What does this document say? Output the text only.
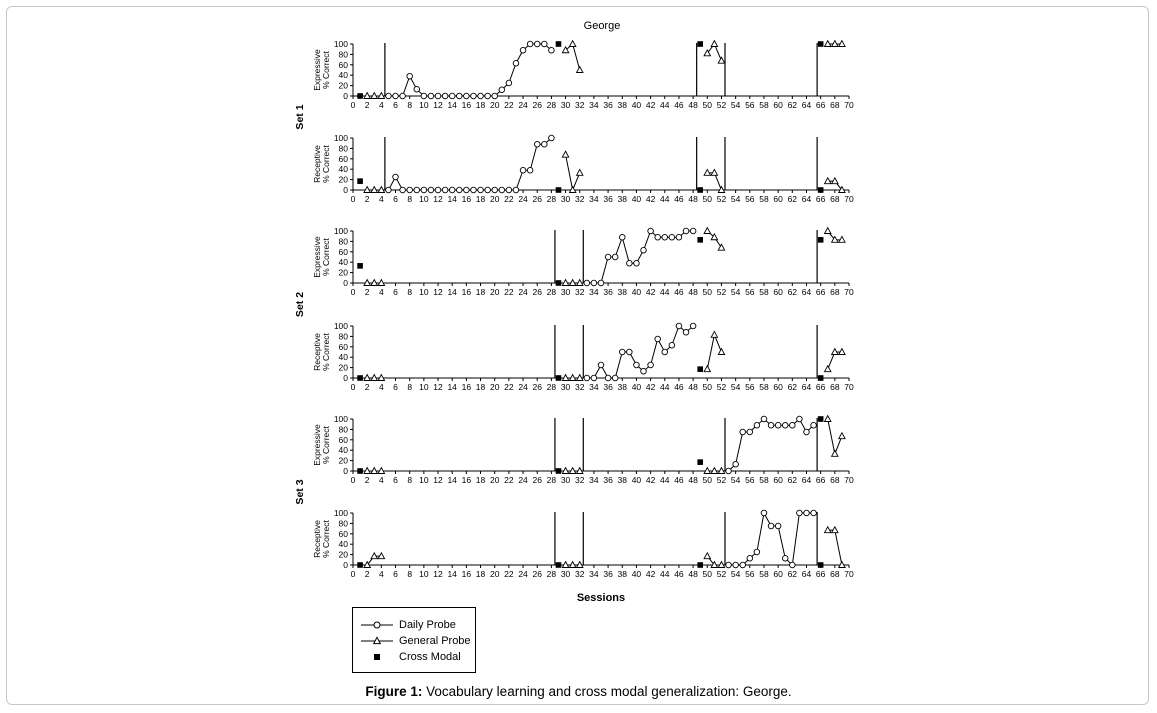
George
0
20
40
60
80
100
0 2 4 6 8 10 12 14 16 18 20 22 24 26 28 30 32 34 36 38 40 42 44 46 48 50 52 54 56 58 60 62 64 66 68 70
Expressive % Correct
0
20
40
60
80
100
0 2 4 6 8 10 12 14 16 18 20 22 24 26 28 30 32 34 36 38 40 42 44 46 48 50 52 54 56 58 60 62 64 66 68 70
Receptive % Correct
0
20
40
60
80
100
0 2 4 6 8 10 12 14 16 18 20 22 24 26 28 30 32 34 36 38 40 42 44 46 48 50 52 54 56 58 60 62 64 66 68 70
Expressive % Correct
0
20
40
60
80
100
0 2 4 6 8 10 12 14 16 18 20 22 24 26 28 30 32 34 36 38 40 42 44 46 48 50 52 54 56 58 60 62 64 66 68 70
Receptive % Correct
0
20
40
60
80
100
0 2 4 6 8 10 12 14 16 18 20 22 24 26 28 30 32 34 36 38 40 42 44 46 48 50 52 54 56 58 60 62 64 66 68 70
Expressive % Correct
0
20
40
60
80
100
0 2 4 6 8 10 12 14 16 18 20 22 24 26 28 30 32 34 36 38 40 42 44 46 48 50 52 54 56 58 60 62 64 66 68 70
Receptive % Correct
Set 1
Set 2
Set 3
Sessions
Daily Probe
General Probe
Cross Modal
Figure 1: Vocabulary learning and cross modal generalization: George.
